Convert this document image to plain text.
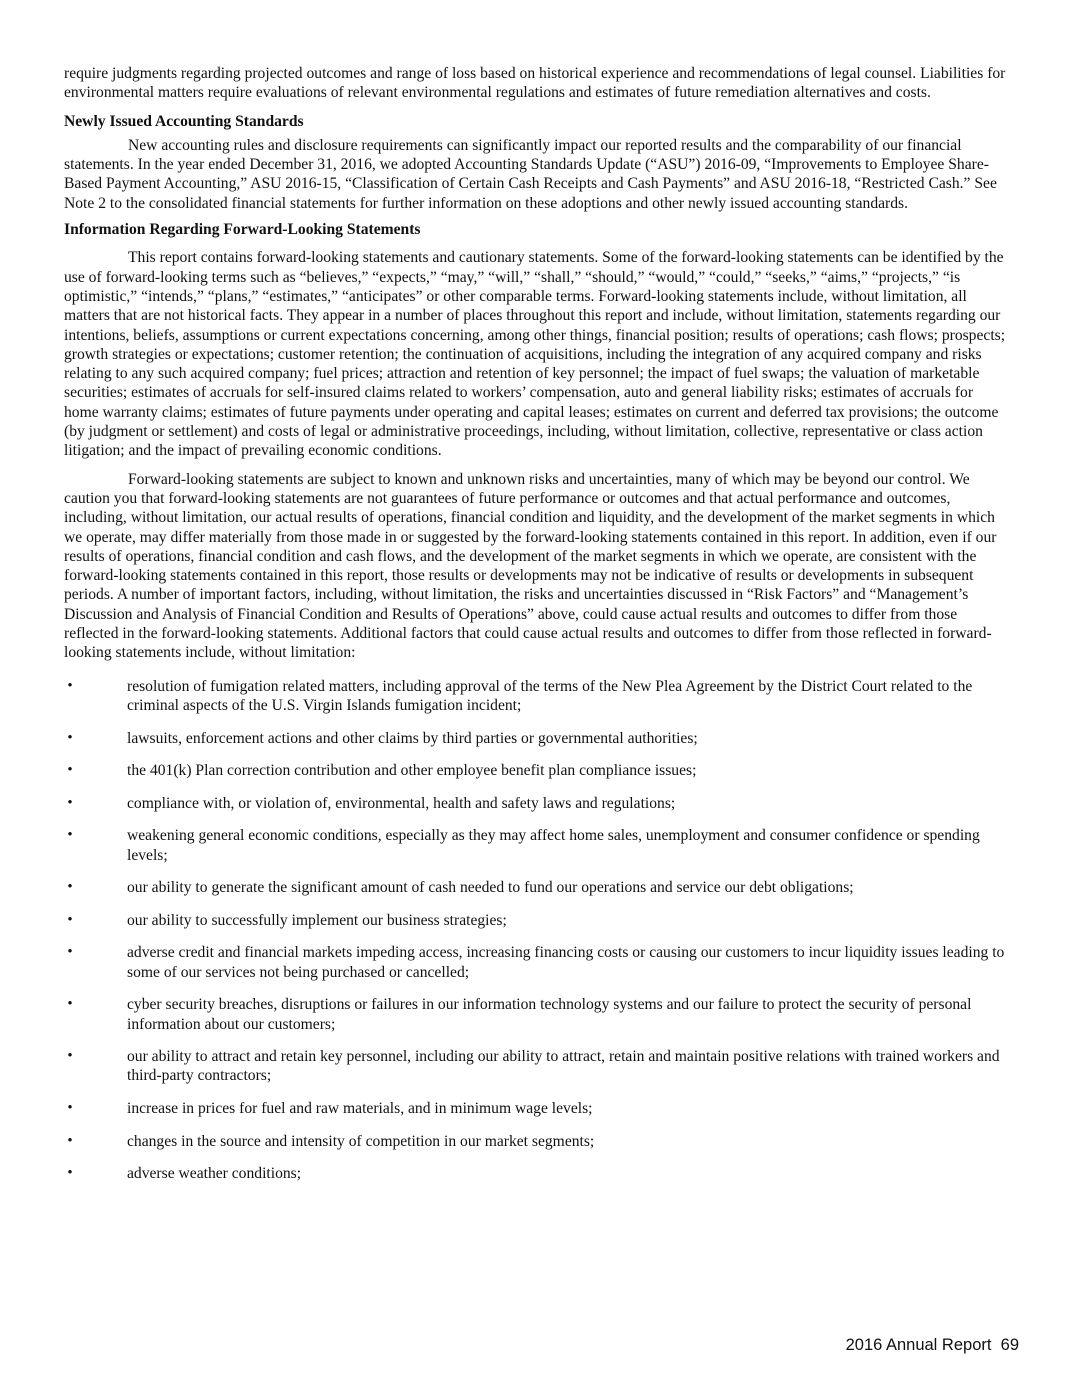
require judgments regarding projected outcomes and range of loss based on historical experience and recommendations of legal counsel. Liabilities for environmental matters require evaluations of relevant environmental regulations and estimates of future remediation alternatives and costs.

Newly Issued Accounting Standards

New accounting rules and disclosure requirements can significantly impact our reported results and the comparability of our financial statements. In the year ended December 31, 2016, we adopted Accounting Standards Update (“ASU”) 2016-09, “Improvements to Employee Share-Based Payment Accounting,” ASU 2016-15, “Classification of Certain Cash Receipts and Cash Payments” and ASU 2016-18, “Restricted Cash.” See Note 2 to the consolidated financial statements for further information on these adoptions and other newly issued accounting standards.

Information Regarding Forward-Looking Statements

This report contains forward-looking statements and cautionary statements. Some of the forward-looking statements can be identified by the use of forward-looking terms such as “believes,” “expects,” “may,” “will,” “shall,” “should,” “would,” “could,” “seeks,” “aims,” “projects,” “is optimistic,” “intends,” “plans,” “estimates,” “anticipates” or other comparable terms. Forward-looking statements include, without limitation, all matters that are not historical facts. They appear in a number of places throughout this report and include, without limitation, statements regarding our intentions, beliefs, assumptions or current expectations concerning, among other things, financial position; results of operations; cash flows; prospects; growth strategies or expectations; customer retention; the continuation of acquisitions, including the integration of any acquired company and risks relating to any such acquired company; fuel prices; attraction and retention of key personnel; the impact of fuel swaps; the valuation of marketable securities; estimates of accruals for self-insured claims related to workers’ compensation, auto and general liability risks; estimates of accruals for home warranty claims; estimates of future payments under operating and capital leases; estimates on current and deferred tax provisions; the outcome (by judgment or settlement) and costs of legal or administrative proceedings, including, without limitation, collective, representative or class action litigation; and the impact of prevailing economic conditions.

Forward-looking statements are subject to known and unknown risks and uncertainties, many of which may be beyond our control. We caution you that forward-looking statements are not guarantees of future performance or outcomes and that actual performance and outcomes, including, without limitation, our actual results of operations, financial condition and liquidity, and the development of the market segments in which we operate, may differ materially from those made in or suggested by the forward-looking statements contained in this report. In addition, even if our results of operations, financial condition and cash flows, and the development of the market segments in which we operate, are consistent with the forward-looking statements contained in this report, those results or developments may not be indicative of results or developments in subsequent periods. A number of important factors, including, without limitation, the risks and uncertainties discussed in “Risk Factors” and “Management’s Discussion and Analysis of Financial Condition and Results of Operations” above, could cause actual results and outcomes to differ from those reflected in the forward-looking statements. Additional factors that could cause actual results and outcomes to differ from those reflected in forward-looking statements include, without limitation:

•	resolution of fumigation related matters, including approval of the terms of the New Plea Agreement by the District Court related to the criminal aspects of the U.S. Virgin Islands fumigation incident;
•	lawsuits, enforcement actions and other claims by third parties or governmental authorities;
•	the 401(k) Plan correction contribution and other employee benefit plan compliance issues;
•	compliance with, or violation of, environmental, health and safety laws and regulations;
•	weakening general economic conditions, especially as they may affect home sales, unemployment and consumer confidence or spending levels;
•	our ability to generate the significant amount of cash needed to fund our operations and service our debt obligations;
•	our ability to successfully implement our business strategies;
•	adverse credit and financial markets impeding access, increasing financing costs or causing our customers to incur liquidity issues leading to some of our services not being purchased or cancelled;
•	cyber security breaches, disruptions or failures in our information technology systems and our failure to protect the security of personal information about our customers;
•	our ability to attract and retain key personnel, including our ability to attract, retain and maintain positive relations with trained workers and third-party contractors;
•	increase in prices for fuel and raw materials, and in minimum wage levels;
•	changes in the source and intensity of competition in our market segments;
•	adverse weather conditions;
2016 Annual Report 69
